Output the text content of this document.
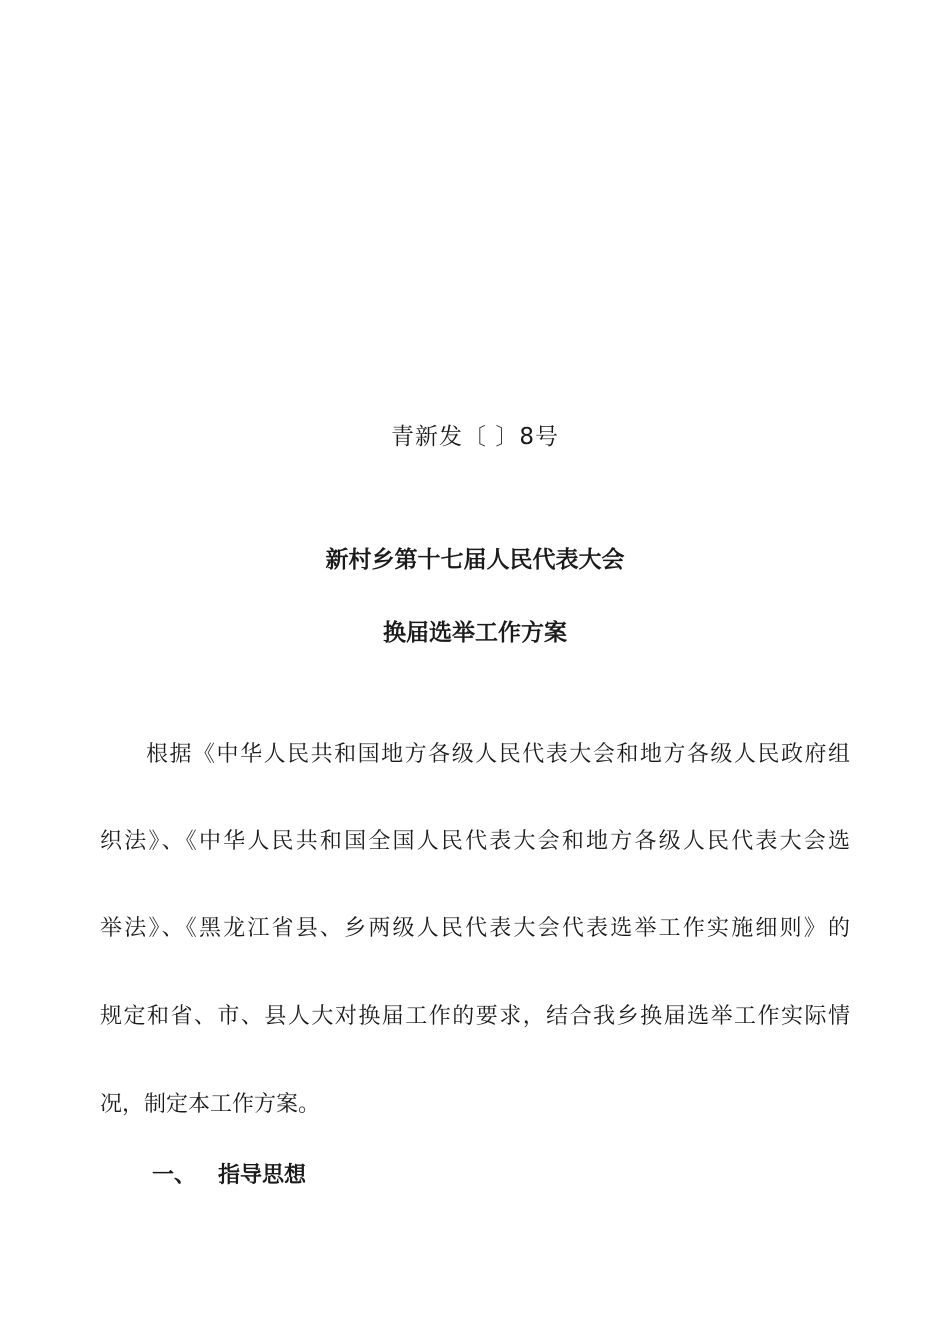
青新发〔 〕8号
新村乡第十七届人民代表大会
换届选举工作方案
根据《中华人民共和国地方各级人民代表大会和地方各级人民政府组
织法》、《中华人民共和国全国人民代表大会和地方各级人民代表大会选
举法》、《黑龙江省县、乡两级人民代表大会代表选举工作实施细则》的
规定和省、市、县人大对换届工作的要求，结合我乡换届选举工作实际情
况，制定本工作方案。
一、 指导思想
